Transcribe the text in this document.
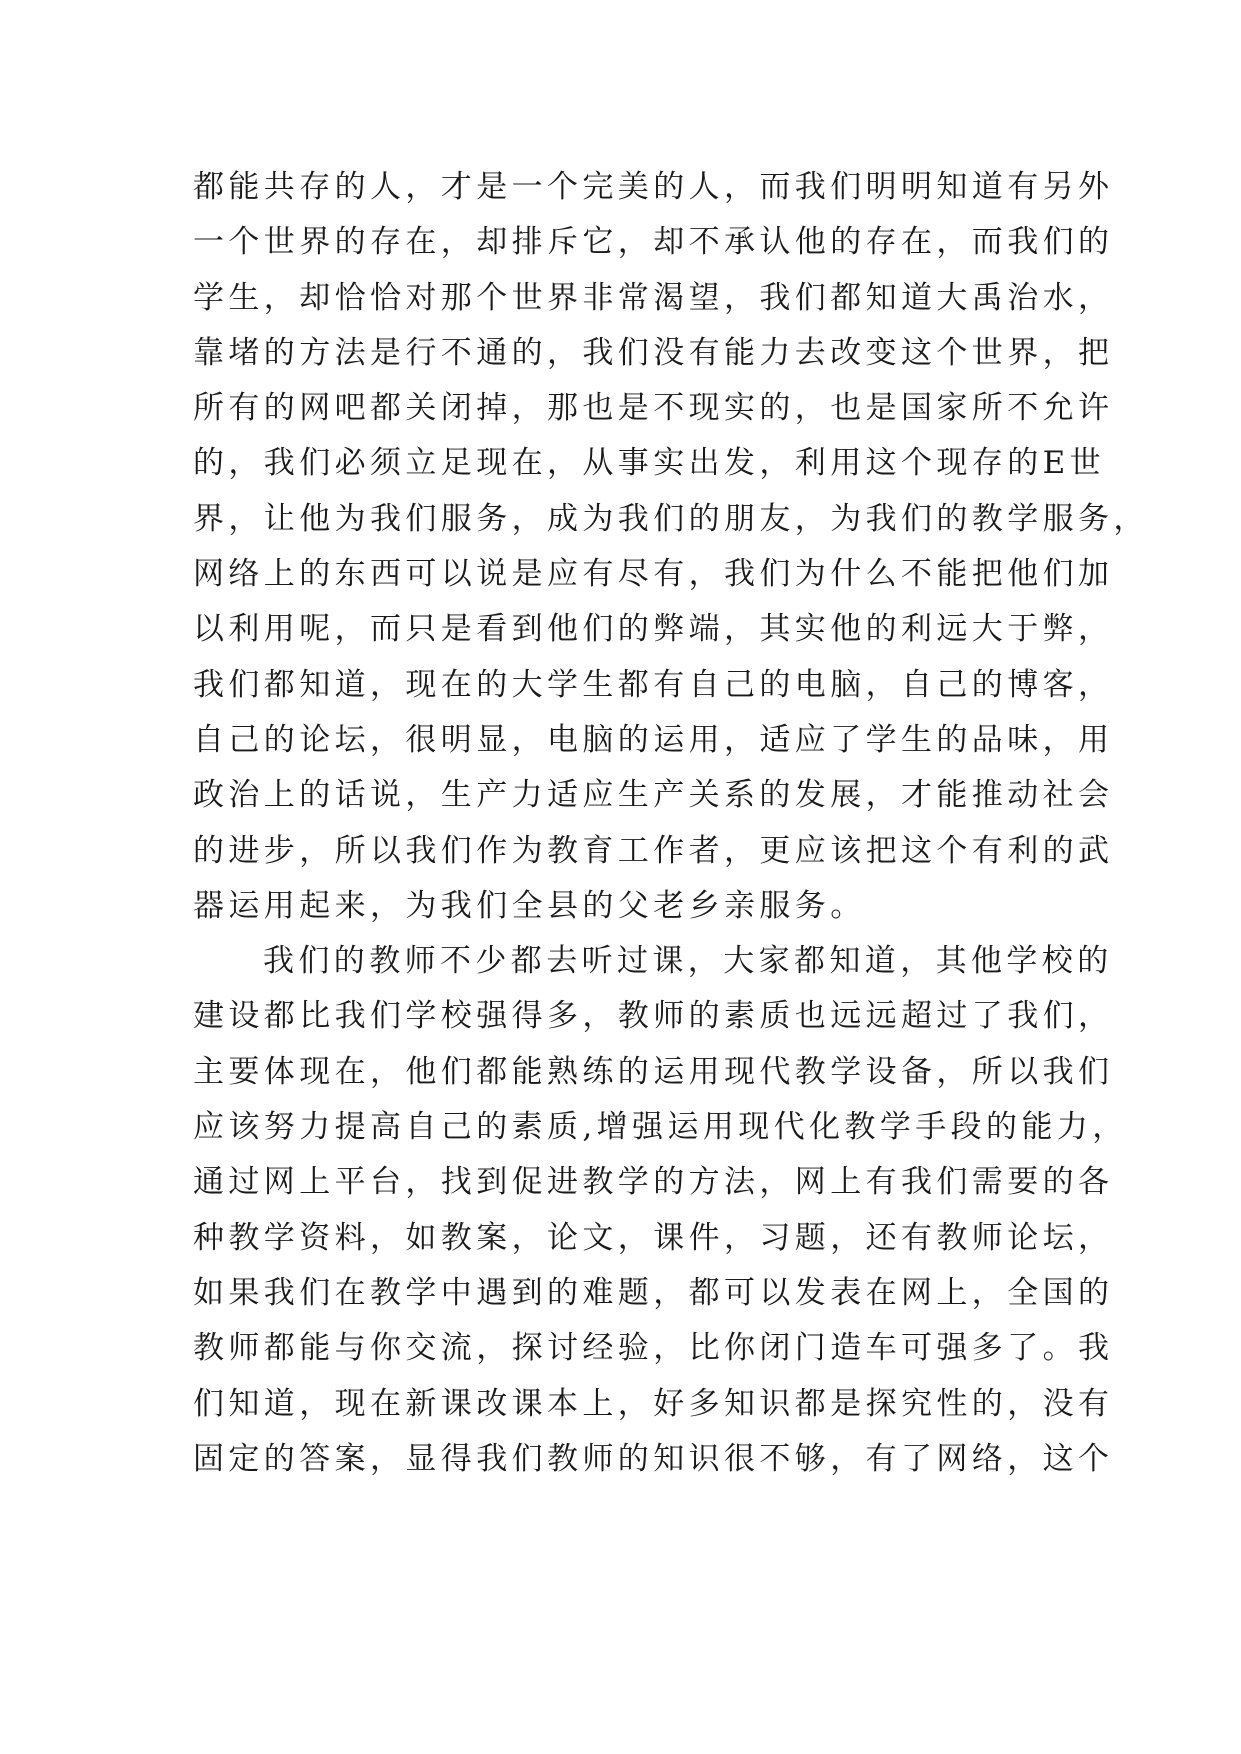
都能共存的人，才是一个完美的人，而我们明明知道有另外
一个世界的存在，却排斥它，却不承认他的存在，而我们的
学生，却恰恰对那个世界非常渴望，我们都知道大禹治水，
靠堵的方法是行不通的，我们没有能力去改变这个世界，把
所有的网吧都关闭掉，那也是不现实的，也是国家所不允许
的，我们必须立足现在，从事实出发，利用这个现存的E世
界，让他为我们服务，成为我们的朋友，为我们的教学服务，
网络上的东西可以说是应有尽有，我们为什么不能把他们加
以利用呢，而只是看到他们的弊端，其实他的利远大于弊，
我们都知道，现在的大学生都有自己的电脑，自己的博客，
自己的论坛，很明显，电脑的运用，适应了学生的品味，用
政治上的话说，生产力适应生产关系的发展，才能推动社会
的进步，所以我们作为教育工作者，更应该把这个有利的武
器运用起来，为我们全县的父老乡亲服务。
我们的教师不少都去听过课，大家都知道，其他学校的
建设都比我们学校强得多，教师的素质也远远超过了我们，
主要体现在，他们都能熟练的运用现代教学设备，所以我们
应该努力提高自己的素质,增强运用现代化教学手段的能力，
通过网上平台，找到促进教学的方法，网上有我们需要的各
种教学资料，如教案，论文，课件，习题，还有教师论坛，
如果我们在教学中遇到的难题，都可以发表在网上，全国的
教师都能与你交流，探讨经验，比你闭门造车可强多了。我
们知道，现在新课改课本上，好多知识都是探究性的，没有
固定的答案，显得我们教师的知识很不够，有了网络，这个
